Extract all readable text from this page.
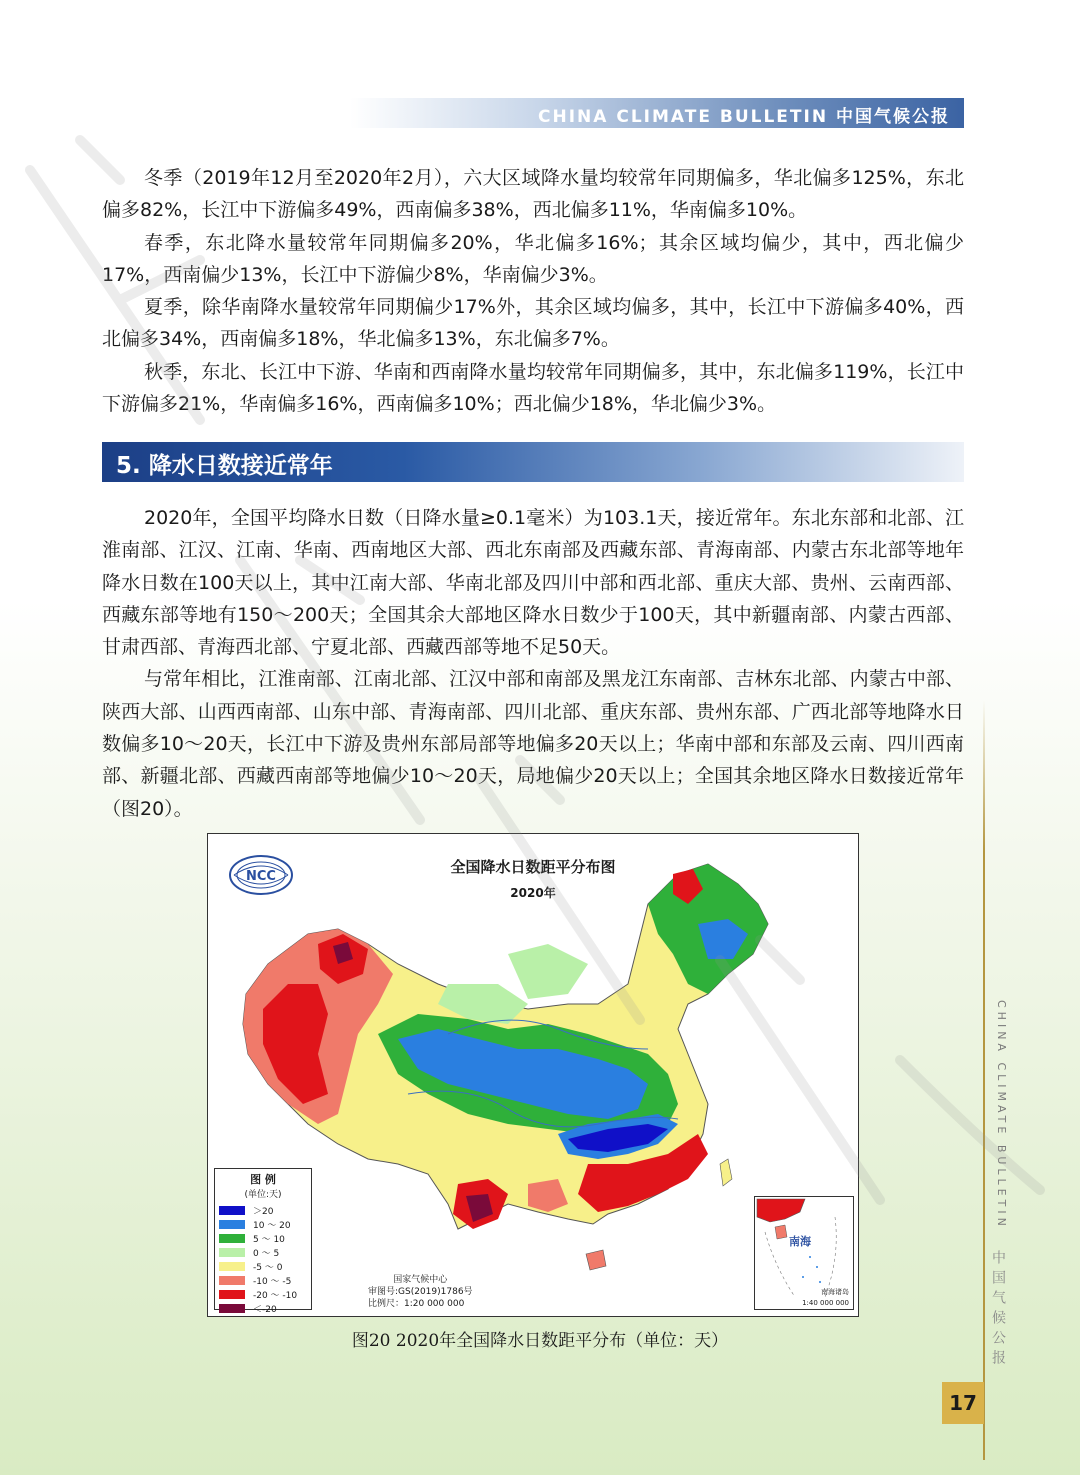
CHINA CLIMATE BULLETIN 中国气候公报

冬季（2019年12月至2020年2月），六大区域降水量均较常年同期偏多，华北偏多125%，东北偏多82%，长江中下游偏多49%，西南偏多38%，西北偏多11%，华南偏多10%。

春季，东北降水量较常年同期偏多20%，华北偏多16%；其余区域均偏少，其中，西北偏少17%，西南偏少13%，长江中下游偏少8%，华南偏少3%。

夏季，除华南降水量较常年同期偏少17%外，其余区域均偏多，其中，长江中下游偏多40%，西北偏多34%，西南偏多18%，华北偏多13%，东北偏多7%。

秋季，东北、长江中下游、华南和西南降水量均较常年同期偏多，其中，东北偏多119%，长江中下游偏多21%，华南偏多16%，西南偏多10%；西北偏少18%，华北偏少3%。

5. 降水日数接近常年

2020年，全国平均降水日数（日降水量≥0.1毫米）为103.1天，接近常年。东北东部和北部、江淮南部、江汉、江南、华南、西南地区大部、西北东南部及西藏东部、青海南部、内蒙古东北部等地年降水日数在100天以上，其中江南大部、华南北部及四川中部和西北部、重庆大部、贵州、云南西部、西藏东部等地有150～200天；全国其余大部地区降水日数少于100天，其中新疆南部、内蒙古西部、甘肃西部、青海西北部、宁夏北部、西藏西部等地不足50天。

与常年相比，江淮南部、江南北部、江汉中部和南部及黑龙江东南部、吉林东北部、内蒙古中部、陕西大部、山西西南部、山东中部、青海南部、四川北部、重庆东部、贵州东部、广西北部等地降水日数偏多10～20天，长江中下游及贵州东部局部等地偏多20天以上；华南中部和东部及云南、四川西南部、新疆北部、西藏西南部等地偏少10～20天，局地偏少20天以上；全国其余地区降水日数接近常年（图20）。

NCC
全国降水日数距平分布图
2020年
图 例
(单位:天)
＞20
10 ～ 20
5 ～ 10
0 ～ 5
-5 ～ 0
-10 ～ -5
-20 ～ -10
＜-20
国家气候中心
审图号:GS(2019)1786号
比例尺：1:20 000 000
南海
南海诸岛
1:40 000 000
图20 2020年全国降水日数距平分布（单位：天）
CHINA CLIMATE BULLETIN
中国气候公报
17
